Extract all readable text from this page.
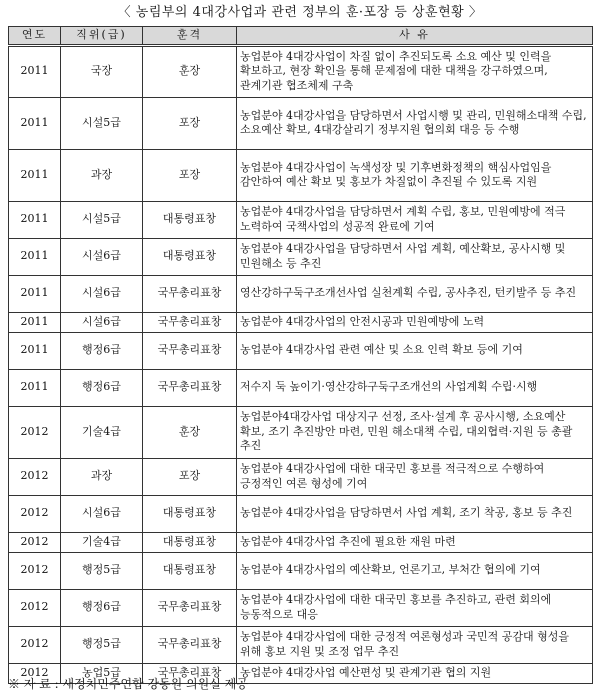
〈 농림부의 4대강사업과 관련 정부의 훈·포장 등 상훈현황 〉
연도	직위(급)	훈격	사 유
2011	국장	훈장	농업분야 4대강사업이 차질 없이 추진되도록 소요 예산 및 인력을 확보하고, 현장 확인을 통해 문제점에 대한 대책을 강구하였으며, 관계기관 협조체제 구축
2011	시설5급	포장	농업분야 4대강사업을 담당하면서 사업시행 및 관리, 민원해소대책 수립, 소요예산 확보, 4대강살리기 정부지원 협의회 대응 등 수행
2011	과장	포장	농업분야 4대강사업이 녹색성장 및 기후변화정책의 핵심사업임을 감안하여 예산 확보 및 홍보가 차질없이 추진될 수 있도록 지원
2011	시설5급	대통령표창	농업분야 4대강사업을 담당하면서 계획 수립, 홍보, 민원예방에 적극 노력하여 국책사업의 성공적 완료에 기여
2011	시설6급	대통령표창	농업분야 4대강사업을 담당하면서 사업 계획, 예산확보, 공사시행 및 민원해소 등 추진
2011	시설6급	국무총리표창	영산강하구둑구조개선사업 실천계획 수립, 공사추진, 턴키발주 등 추진
2011	시설6급	국무총리표창	농업분야 4대강사업의 안전시공과 민원예방에 노력
2011	행정6급	국무총리표창	농업분야 4대강사업 관련 예산 및 소요 인력 확보 등에 기여
2011	행정6급	국무총리표창	저수지 둑 높이기·영산강하구둑구조개선의 사업계획 수립·시행
2012	기술4급	훈장	농업분야4대강사업 대상지구 선정, 조사·설계 후 공사시행, 소요예산 확보, 조기 추진방안 마련, 민원 해소대책 수립, 대외협력·지원 등 총괄 추진
2012	과장	포장	농업분야 4대강사업에 대한 대국민 홍보를 적극적으로 수행하여 긍정적인 여론 형성에 기여
2012	시설6급	대통령표창	농업분야 4대강사업을 담당하면서 사업 계획, 조기 착공, 홍보 등 추진
2012	기술4급	대통령표창	농업분야 4대강사업 추진에 필요한 재원 마련
2012	행정5급	대통령표창	농업분야 4대강사업의 예산확보, 언론기고, 부처간 협의에 기여
2012	행정6급	국무총리표창	농업분야 4대강사업에 대한 대국민 홍보를 추진하고, 관련 회의에 능동적으로 대응
2012	행정5급	국무총리표창	농업분야 4대강사업에 대한 긍정적 여론형성과 국민적 공감대 형성을 위해 홍보 지원 및 조정 업무 추진
2012	농업5급	국무총리표창	농업분야 4대강사업 예산편성 및 관계기관 협의 지원
※ 자 료 : 새정치민주연합 강동원 의원실 제공
